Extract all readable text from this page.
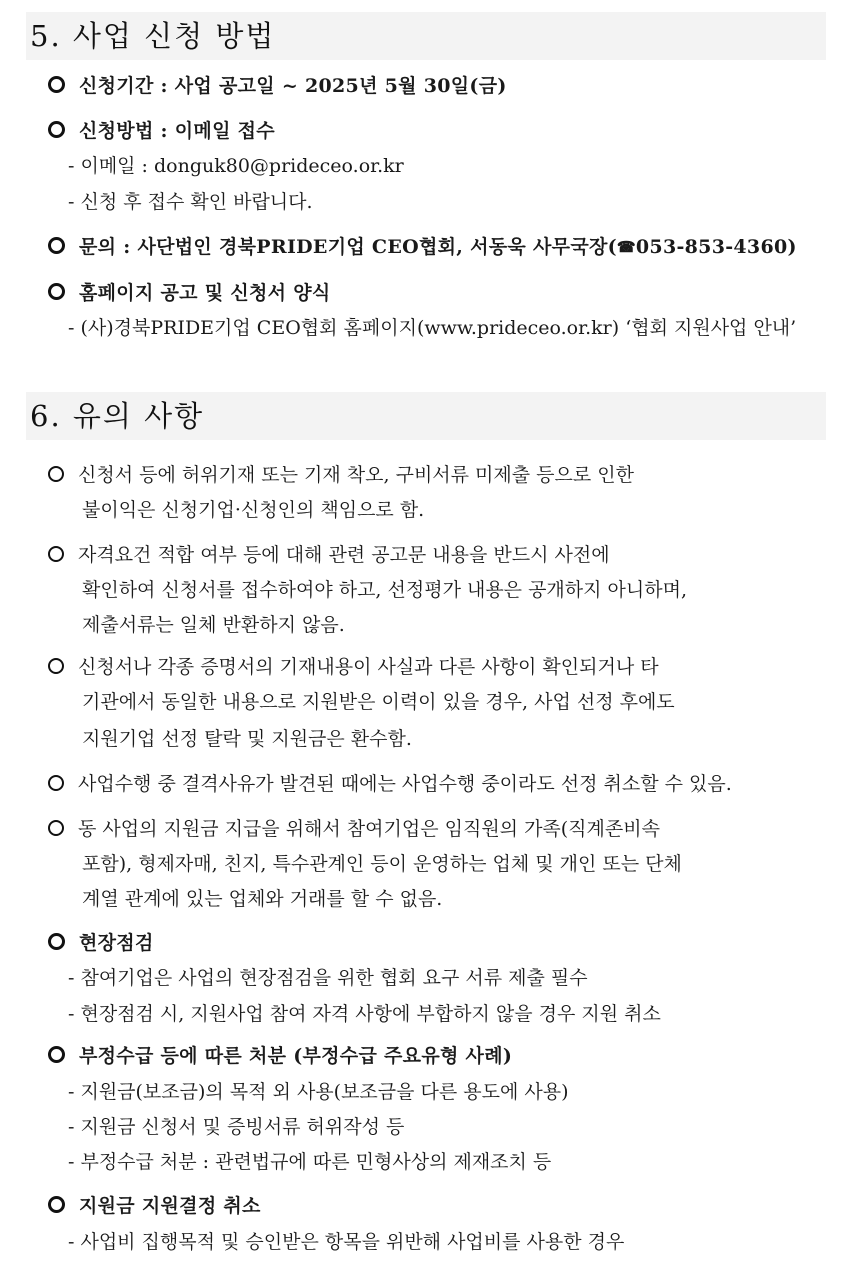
5. 사업 신청 방법
신청기간 : 사업 공고일 ~ 2025년 5월 30일(금)
신청방법 : 이메일 접수
- 이메일 : donguk80@prideceo.or.kr
- 신청 후 접수 확인 바랍니다.
문의 : 사단법인 경북PRIDE기업 CEO협회, 서동욱 사무국장(☎053-853-4360)
홈페이지 공고 및 신청서 양식
- (사)경북PRIDE기업 CEO협회 홈페이지(www.prideceo.or.kr) ‘협회 지원사업 안내’
6. 유의 사항
신청서 등에 허위기재 또는 기재 착오, 구비서류 미제출 등으로 인한
불이익은 신청기업·신청인의 책임으로 함.
자격요건 적합 여부 등에 대해 관련 공고문 내용을 반드시 사전에
확인하여 신청서를 접수하여야 하고, 선정평가 내용은 공개하지 아니하며,
제출서류는 일체 반환하지 않음.
신청서나 각종 증명서의 기재내용이 사실과 다른 사항이 확인되거나 타
기관에서 동일한 내용으로 지원받은 이력이 있을 경우, 사업 선정 후에도
지원기업 선정 탈락 및 지원금은 환수함.
사업수행 중 결격사유가 발견된 때에는 사업수행 중이라도 선정 취소할 수 있음.
동 사업의 지원금 지급을 위해서 참여기업은 임직원의 가족(직계존비속
포함), 형제자매, 친지, 특수관계인 등이 운영하는 업체 및 개인 또는 단체
계열 관계에 있는 업체와 거래를 할 수 없음.
현장점검
- 참여기업은 사업의 현장점검을 위한 협회 요구 서류 제출 필수
- 현장점검 시, 지원사업 참여 자격 사항에 부합하지 않을 경우 지원 취소
부정수급 등에 따른 처분 (부정수급 주요유형 사례)
- 지원금(보조금)의 목적 외 사용(보조금을 다른 용도에 사용)
- 지원금 신청서 및 증빙서류 허위작성 등
- 부정수급 처분 : 관련법규에 따른 민형사상의 제재조치 등
지원금 지원결정 취소
- 사업비 집행목적 및 승인받은 항목을 위반해 사업비를 사용한 경우
